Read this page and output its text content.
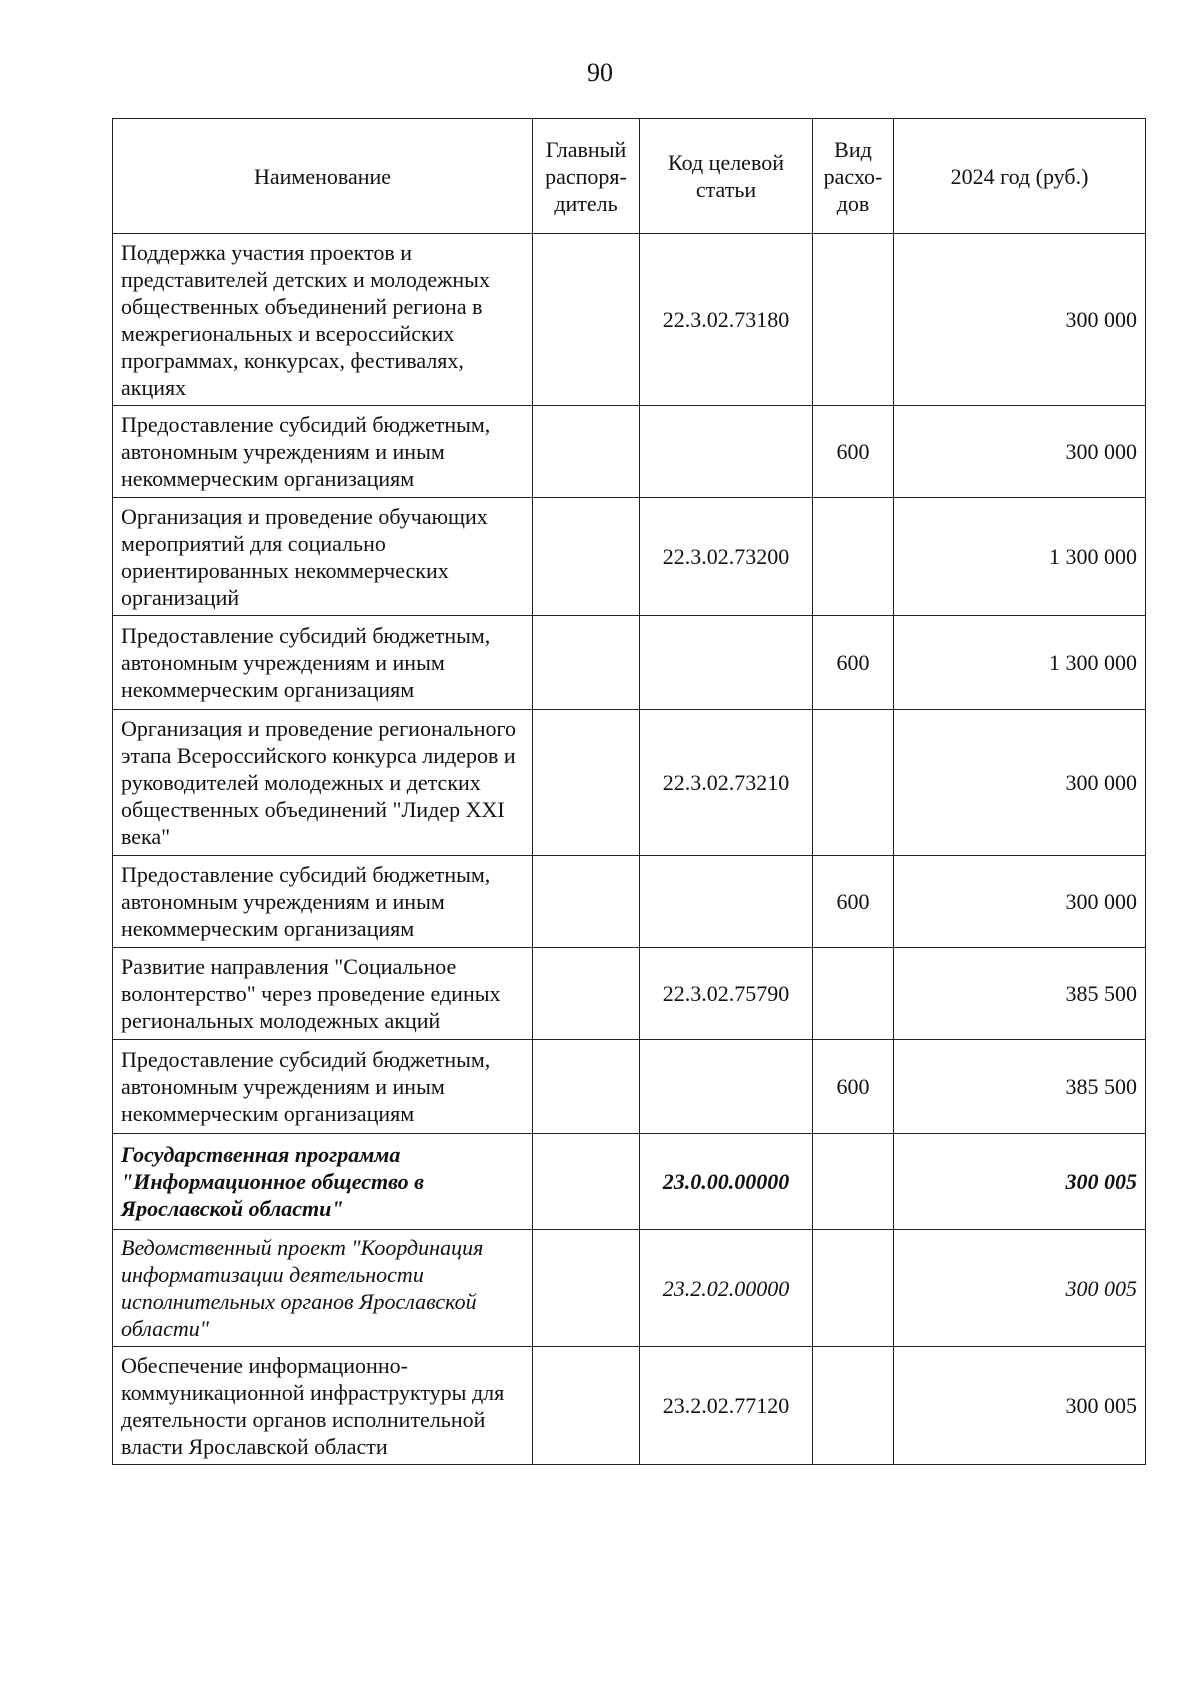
90
Наименование	Главный распоря-дитель	Код целевой статьи	Вид расхо-дов	2024 год (руб.)
Поддержка участия проектов и представителей детских и молодежных общественных объединений региона в межрегиональных и всероссийских программах, конкурсах, фестивалях, акциях		22.3.02.73180		300 000
Предоставление субсидий бюджетным, автономным учреждениям и иным некоммерческим организациям			600	300 000
Организация и проведение обучающих мероприятий для социально ориентированных некоммерческих организаций		22.3.02.73200		1 300 000
Предоставление субсидий бюджетным, автономным учреждениям и иным некоммерческим организациям			600	1 300 000
Организация и проведение регионального этапа Всероссийского конкурса лидеров и руководителей молодежных и детских общественных объединений "Лидер XXI века"		22.3.02.73210		300 000
Предоставление субсидий бюджетным, автономным учреждениям и иным некоммерческим организациям			600	300 000
Развитие направления "Социальное волонтерство" через проведение единых региональных молодежных акций		22.3.02.75790		385 500
Предоставление субсидий бюджетным, автономным учреждениям и иным некоммерческим организациям			600	385 500
Государственная программа "Информационное общество в Ярославской области"		23.0.00.00000		300 005
Ведомственный проект "Координация информатизации деятельности исполнительных органов Ярославской области"		23.2.02.00000		300 005
Обеспечение информационно-коммуникационной инфраструктуры для деятельности органов исполнительной власти Ярославской области		23.2.02.77120		300 005
